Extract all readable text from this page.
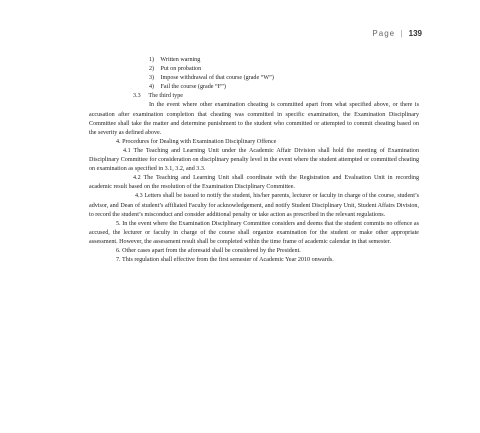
Page | 139

1) Written warning

2) Put on probation

3) Impose withdrawal of that course (grade “W”)

4) Fail the course (grade “F”)

3.3 The third type

In the event where other examination cheating is committed apart from what specified above, or there is accusation after examination completion that cheating was committed in specific examination, the Examination Disciplinary Committee shall take the matter and determine punishment to the student who committed or attempted to commit cheating based on the severity as defined above.

4. Procedures for Dealing with Examination Disciplinary Offence

4.1 The Teaching and Learning Unit under the Academic Affair Division shall hold the meeting of Examination Disciplinary Committee for consideration on disciplinary penalty level in the event where the student attempted or committed cheating on examination as specified in 3.1, 3.2, and 3.3.

4.2 The Teaching and Learning Unit shall coordinate with the Registration and Evaluation Unit in recording academic result based on the resolution of the Examination Disciplinary Committee.

4.3 Letters shall be issued to notify the student, his/her parents, lecturer or faculty in charge of the course, student’s advisor, and Dean of student’s affiliated Faculty for acknowledgement, and notify Student Disciplinary Unit, Student Affairs Division, to record the student’s misconduct and consider additional penalty or take action as prescribed in the relevant regulations.

5. In the event where the Examination Disciplinary Committee considers and deems that the student commits no offence as accused, the lecturer or faculty in charge of the course shall organize examination for the student or make other appropriate assessment. However, the assessment result shall be completed within the time frame of academic calendar in that semester.

6. Other cases apart from the aforesaid shall be considered by the President.

7. This regulation shall effective from the first semester of Academic Year 2010 onwards.
